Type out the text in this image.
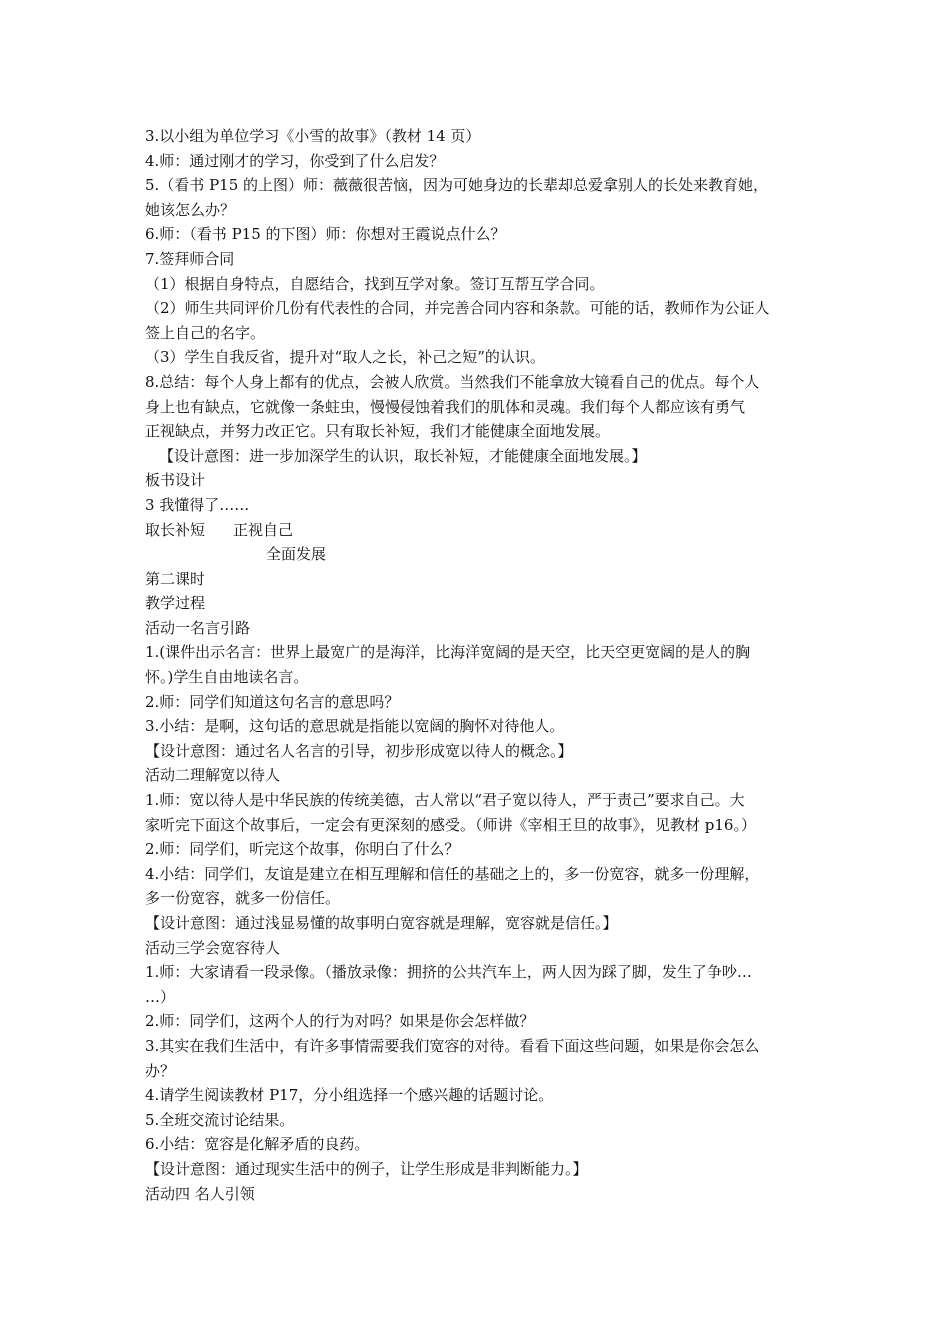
3.以小组为单位学习《小雪的故事》（教材 14 页）
4.师：通过刚才的学习，你受到了什么启发？
5.（看书 P15 的上图）师：薇薇很苦恼，因为可她身边的长辈却总爱拿别人的长处来教育她，
她该怎么办？
6.师：（看书 P15 的下图）师：你想对王霞说点什么？
7.签拜师合同
（1）根据自身特点，自愿结合，找到互学对象。签订互帮互学合同。
（2）师生共同评价几份有代表性的合同，并完善合同内容和条款。可能的话，教师作为公证人
签上自己的名字。
（3）学生自我反省，提升对“取人之长，补己之短”的认识。
8.总结：每个人身上都有的优点，会被人欣赏。当然我们不能拿放大镜看自己的优点。每个人
身上也有缺点，它就像一条蛀虫，慢慢侵蚀着我们的肌体和灵魂。我们每个人都应该有勇气
正视缺点，并努力改正它。只有取长补短，我们才能健康全面地发展。
【设计意图：进一步加深学生的认识，取长补短，才能健康全面地发展。】
板书设计
3 我懂得了……
取长补短 正视自己
全面发展
第二课时
教学过程
活动一名言引路
1.(课件出示名言：世界上最宽广的是海洋，比海洋宽阔的是天空，比天空更宽阔的是人的胸
怀。)学生自由地读名言。
2.师：同学们知道这句名言的意思吗？
3.小结：是啊，这句话的意思就是指能以宽阔的胸怀对待他人。
【设计意图：通过名人名言的引导，初步形成宽以待人的概念。】
活动二理解宽以待人
1.师：宽以待人是中华民族的传统美德，古人常以“君子宽以待人，严于责己”要求自己。大
家听完下面这个故事后，一定会有更深刻的感受。（师讲《宰相王旦的故事》，见教材 p16。）
2.师：同学们，听完这个故事，你明白了什么？
4.小结：同学们，友谊是建立在相互理解和信任的基础之上的，多一份宽容，就多一份理解，
多一份宽容，就多一份信任。
【设计意图：通过浅显易懂的故事明白宽容就是理解，宽容就是信任。】
活动三学会宽容待人
1.师：大家请看一段录像。（播放录像：拥挤的公共汽车上，两人因为踩了脚，发生了争吵…
…）
2.师：同学们，这两个人的行为对吗？如果是你会怎样做？
3.其实在我们生活中，有许多事情需要我们宽容的对待。看看下面这些问题，如果是你会怎么
办？
4.请学生阅读教材 P17，分小组选择一个感兴趣的话题讨论。
5.全班交流讨论结果。
6.小结：宽容是化解矛盾的良药。
【设计意图：通过现实生活中的例子，让学生形成是非判断能力。】
活动四 名人引领
